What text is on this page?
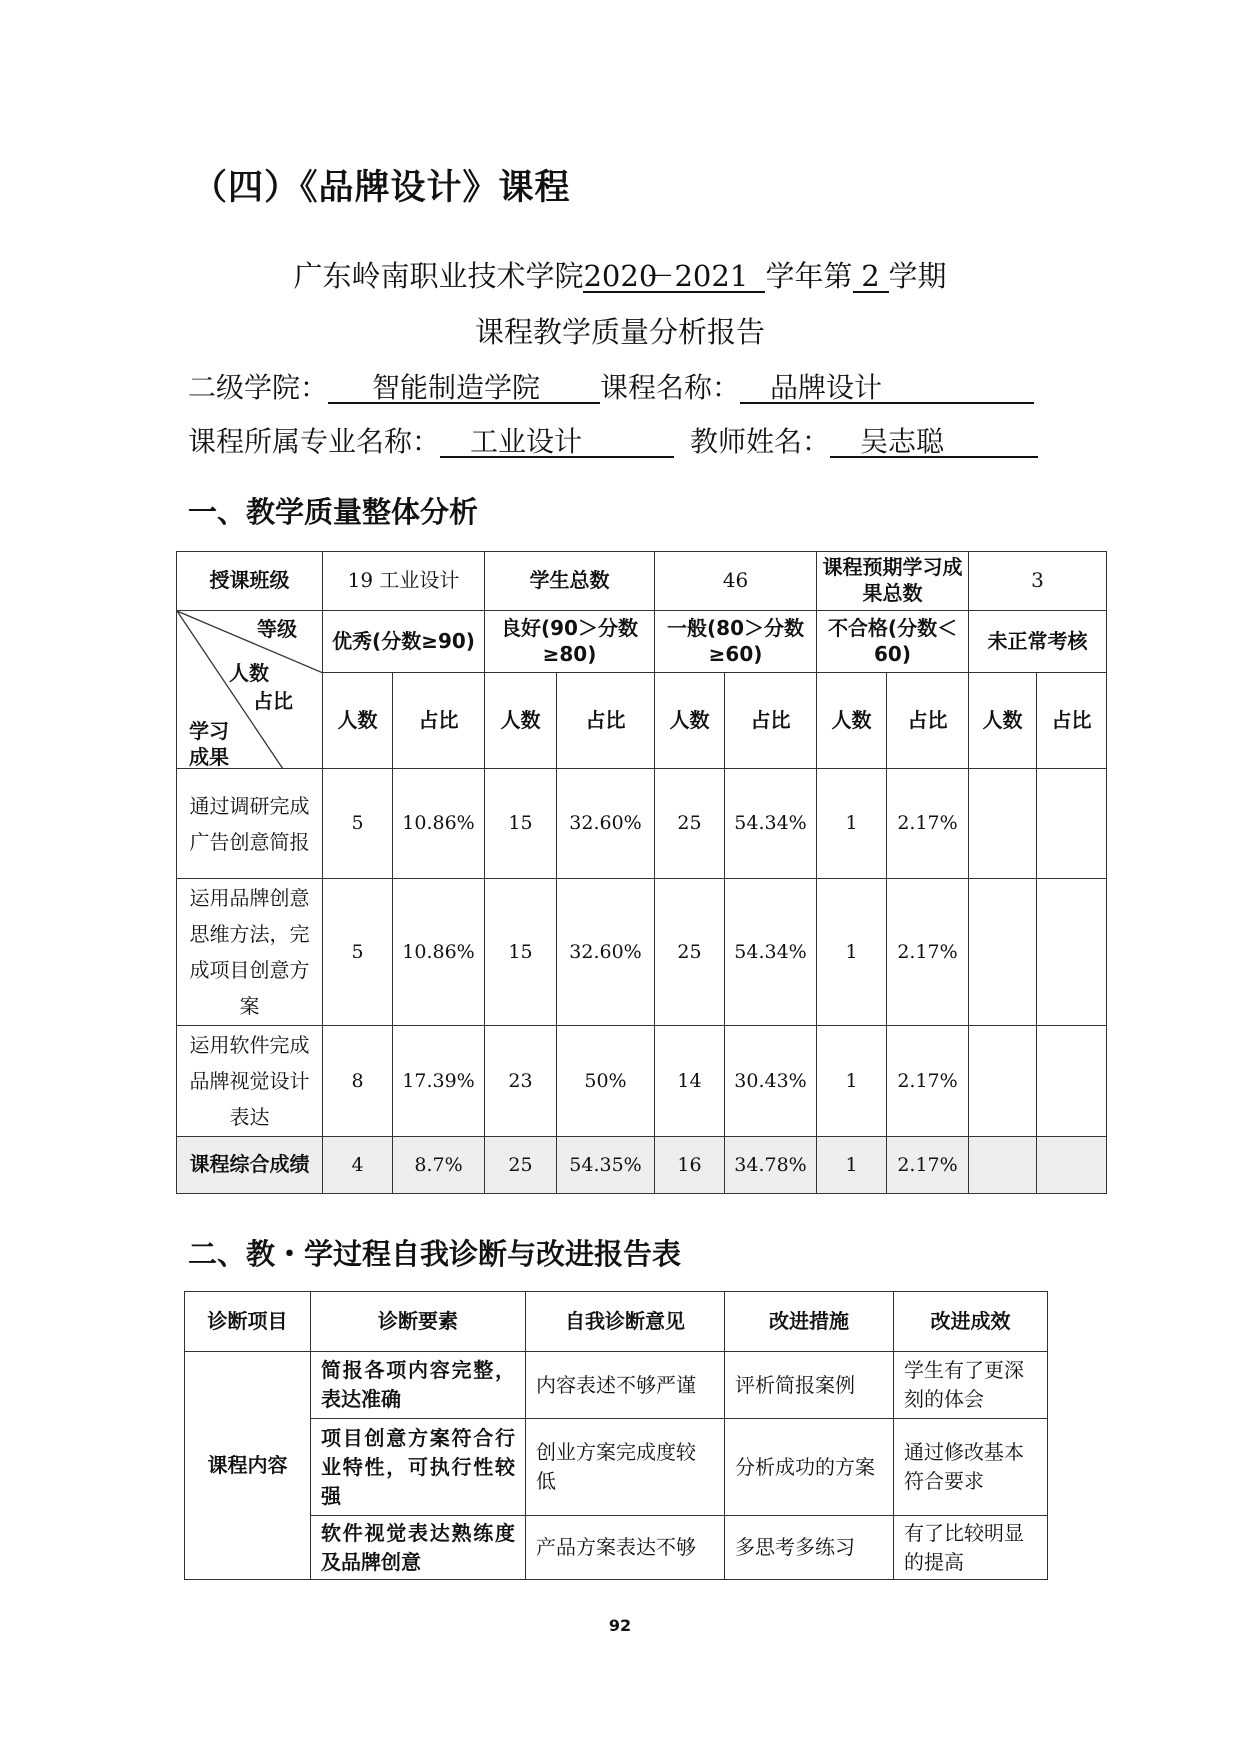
（四）《品牌设计》课程
广东岭南职业技术学院2020－2021 学年第 2 学期
课程教学质量分析报告
二级学院： 智能制造学院 课程名称： 品牌设计
课程所属专业名称： 工业设计	教师姓名： 吴志聪
一、教学质量整体分析
授课班级	19 工业设计		学生总数		46		课程预期学习成果总数		3	

等级
人数
占比
学习
成果	优秀(分数≥90)		良好(90＞分数≥80)		一般(80＞分数≥60)		不合格(分数＜60)		未正常考核	
	人数	占比	人数	占比	人数	占比	人数	占比	人数	占比
通过调研完成广告创意简报	5	10.86%	15	32.60%	25	54.34%	1	2.17%		
运用品牌创意思维方法，完成项目创意方案	5	10.86%	15	32.60%	25	54.34%	1	2.17%		
运用软件完成品牌视觉设计表达	8	17.39%	23	50%	14	30.43%	1	2.17%		
课程综合成绩	4	8.7%	25	54.35%	16	34.78%	1	2.17%		
二、教・学过程自我诊断与改进报告表
诊断项目	诊断要素	自我诊断意见	改进措施	改进成效
课程内容	简报各项内容完整，表达准确	内容表述不够严谨	评析简报案例	学生有了更深刻的体会
	项目创意方案符合行业特性，可执行性较强	创业方案完成度较低	分析成功的方案	通过修改基本符合要求
	软件视觉表达熟练度及品牌创意	产品方案表达不够	多思考多练习	有了比较明显的提高
92
